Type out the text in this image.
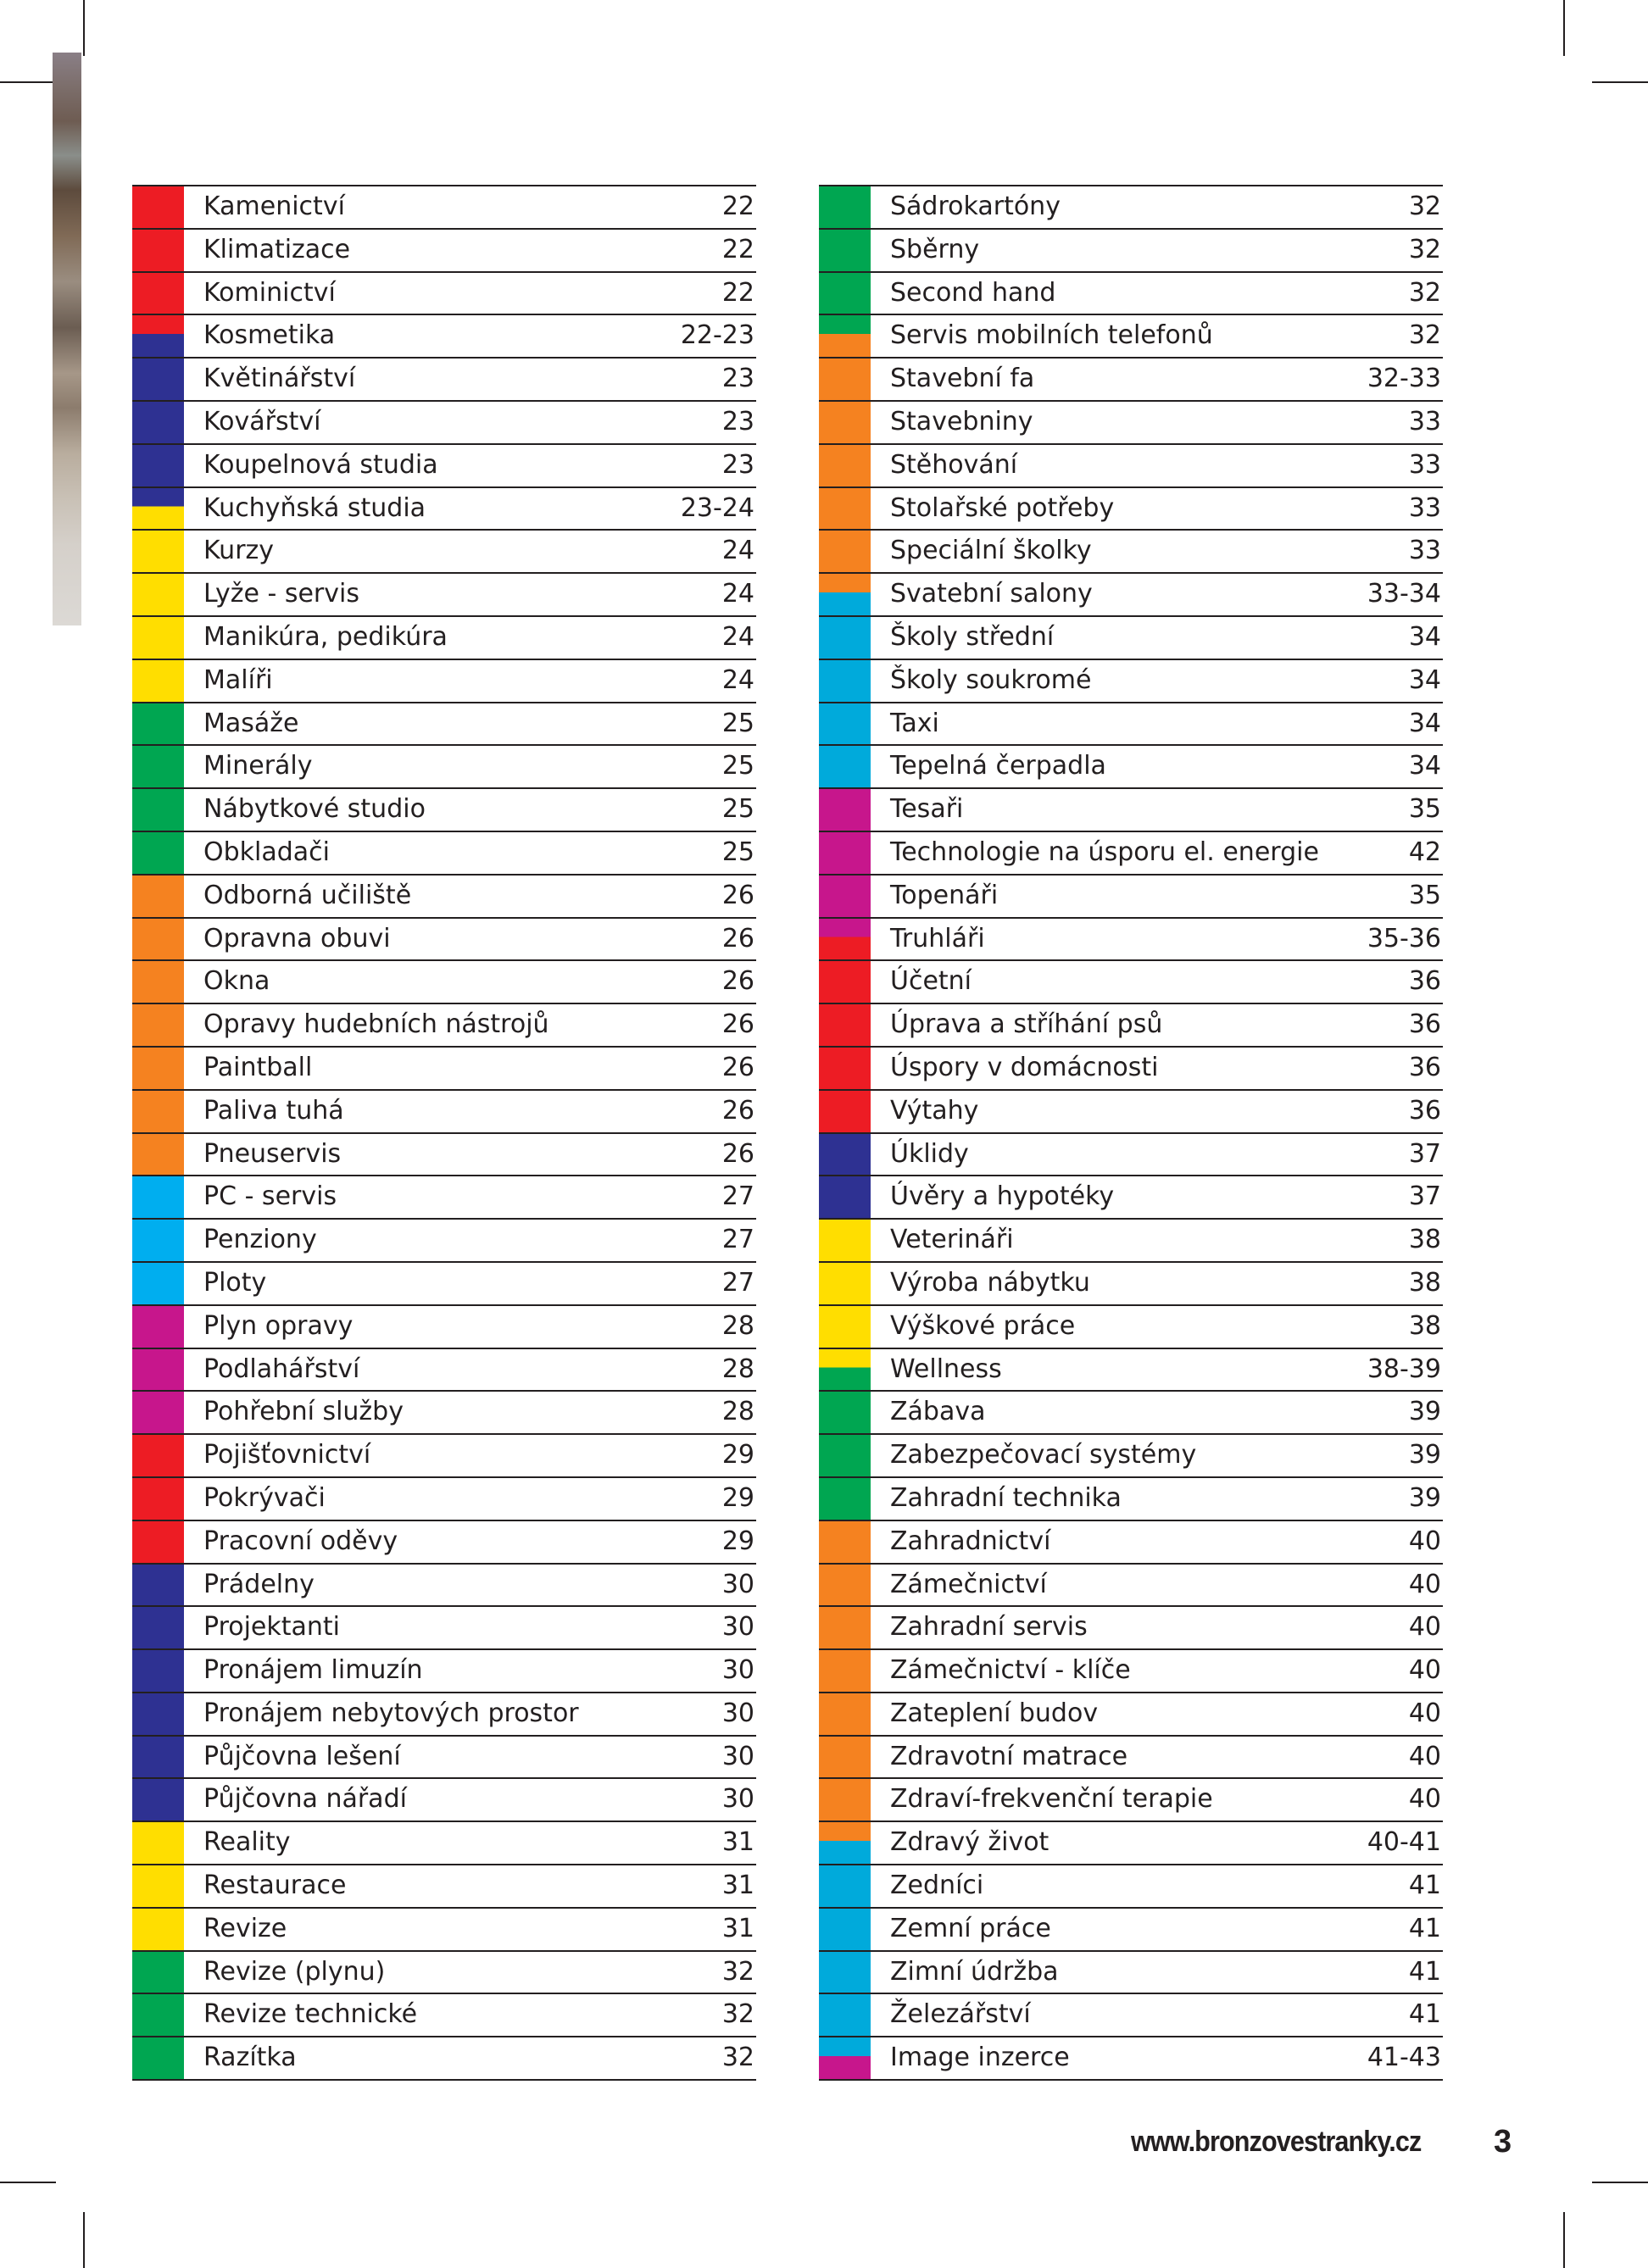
Kamenictví	22
Klimatizace	22
Kominictví	22
Kosmetika	22-23
Květinářství	23
Kovářství	23
Koupelnová studia	23
Kuchyňská studia	23-24
Kurzy	24
Lyže - servis	24
Manikúra, pedikúra	24
Malíři	24
Masáže	25
Minerály	25
Nábytkové studio	25
Obkladači	25
Odborná učiliště	26
Opravna obuvi	26
Okna	26
Opravy hudebních nástrojů	26
Paintball	26
Paliva tuhá	26
Pneuservis	26
PC - servis	27
Penziony	27
Ploty	27
Plyn opravy	28
Podlahářství	28
Pohřební služby	28
Pojišťovnictví	29
Pokrývači	29
Pracovní oděvy	29
Prádelny	30
Projektanti	30
Pronájem limuzín	30
Pronájem nebytových prostor	30
Půjčovna lešení	30
Půjčovna nářadí	30
Reality	31
Restaurace	31
Revize	31
Revize (plynu)	32
Revize technické	32
Razítka	32
Sádrokartóny	32
Sběrny	32
Second hand	32
Servis mobilních telefonů	32
Stavební fa	32-33
Stavebniny	33
Stěhování	33
Stolařské potřeby	33
Speciální školky	33
Svatební salony	33-34
Školy střední	34
Školy soukromé	34
Taxi	34
Tepelná čerpadla	34
Tesaři	35
Technologie na úsporu el. energie	42
Topenáři	35
Truhláři	35-36
Účetní	36
Úprava a stříhání psů	36
Úspory v domácnosti	36
Výtahy	36
Úklidy	37
Úvěry a hypotéky	37
Veterináři	38
Výroba nábytku	38
Výškové práce	38
Wellness	38-39
Zábava	39
Zabezpečovací systémy	39
Zahradní technika	39
Zahradnictví	40
Zámečnictví	40
Zahradní servis	40
Zámečnictví - klíče	40
Zateplení budov	40
Zdravotní matrace	40
Zdraví-frekvenční terapie	40
Zdravý život	40-41
Zedníci	41
Zemní práce	41
Zimní údržba	41
Železářství	41
Image inzerce	41-43
www.bronzovestranky.cz 3
